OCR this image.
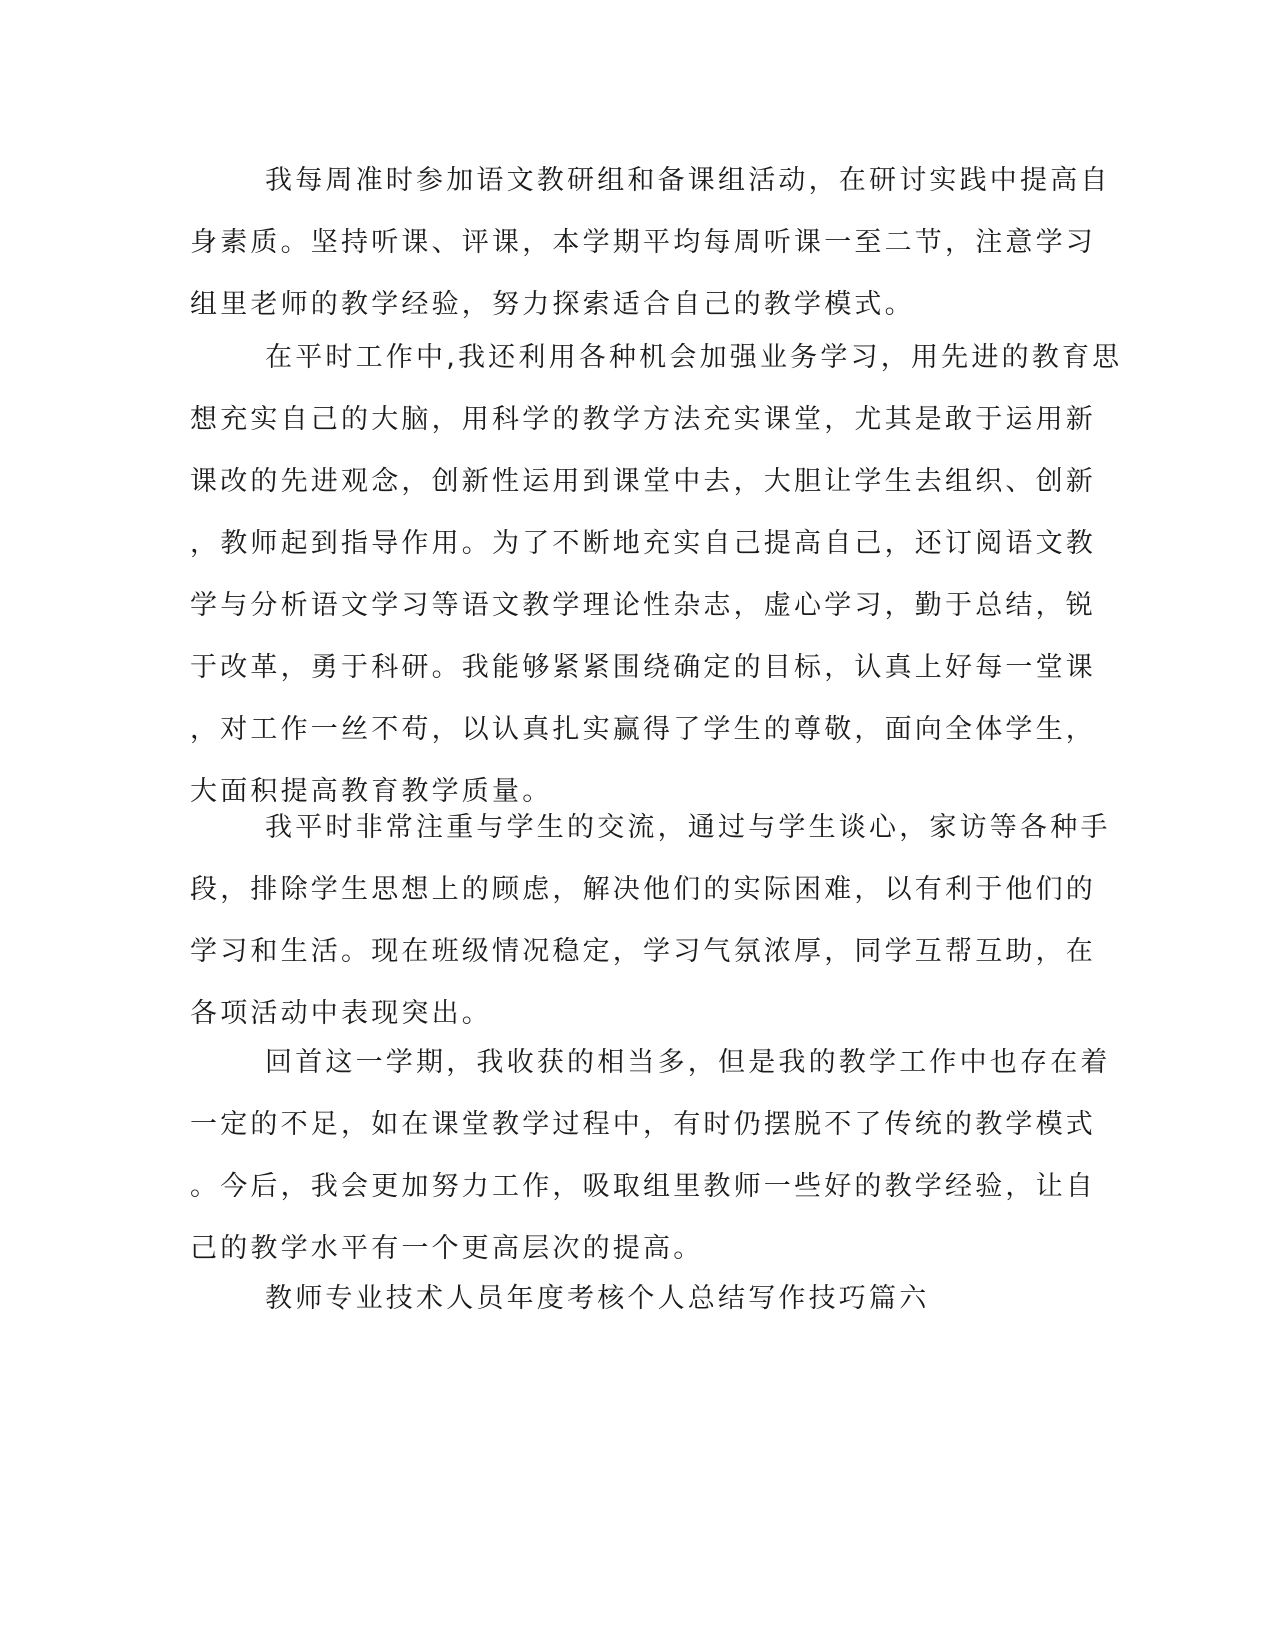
我每周准时参加语文教研组和备课组活动，在研讨实践中提高自
身素质。坚持听课、评课，本学期平均每周听课一至二节，注意学习
组里老师的教学经验，努力探索适合自己的教学模式。
在平时工作中,我还利用各种机会加强业务学习，用先进的教育思
想充实自己的大脑，用科学的教学方法充实课堂，尤其是敢于运用新
课改的先进观念，创新性运用到课堂中去，大胆让学生去组织、创新
，教师起到指导作用。为了不断地充实自己提高自己，还订阅语文教
学与分析语文学习等语文教学理论性杂志，虚心学习，勤于总结，锐
于改革，勇于科研。我能够紧紧围绕确定的目标，认真上好每一堂课
，对工作一丝不苟，以认真扎实赢得了学生的尊敬，面向全体学生，
大面积提高教育教学质量。
我平时非常注重与学生的交流，通过与学生谈心，家访等各种手
段，排除学生思想上的顾虑，解决他们的实际困难，以有利于他们的
学习和生活。现在班级情况稳定，学习气氛浓厚，同学互帮互助，在
各项活动中表现突出。
回首这一学期，我收获的相当多，但是我的教学工作中也存在着
一定的不足，如在课堂教学过程中，有时仍摆脱不了传统的教学模式
。今后，我会更加努力工作，吸取组里教师一些好的教学经验，让自
己的教学水平有一个更高层次的提高。
教师专业技术人员年度考核个人总结写作技巧篇六
